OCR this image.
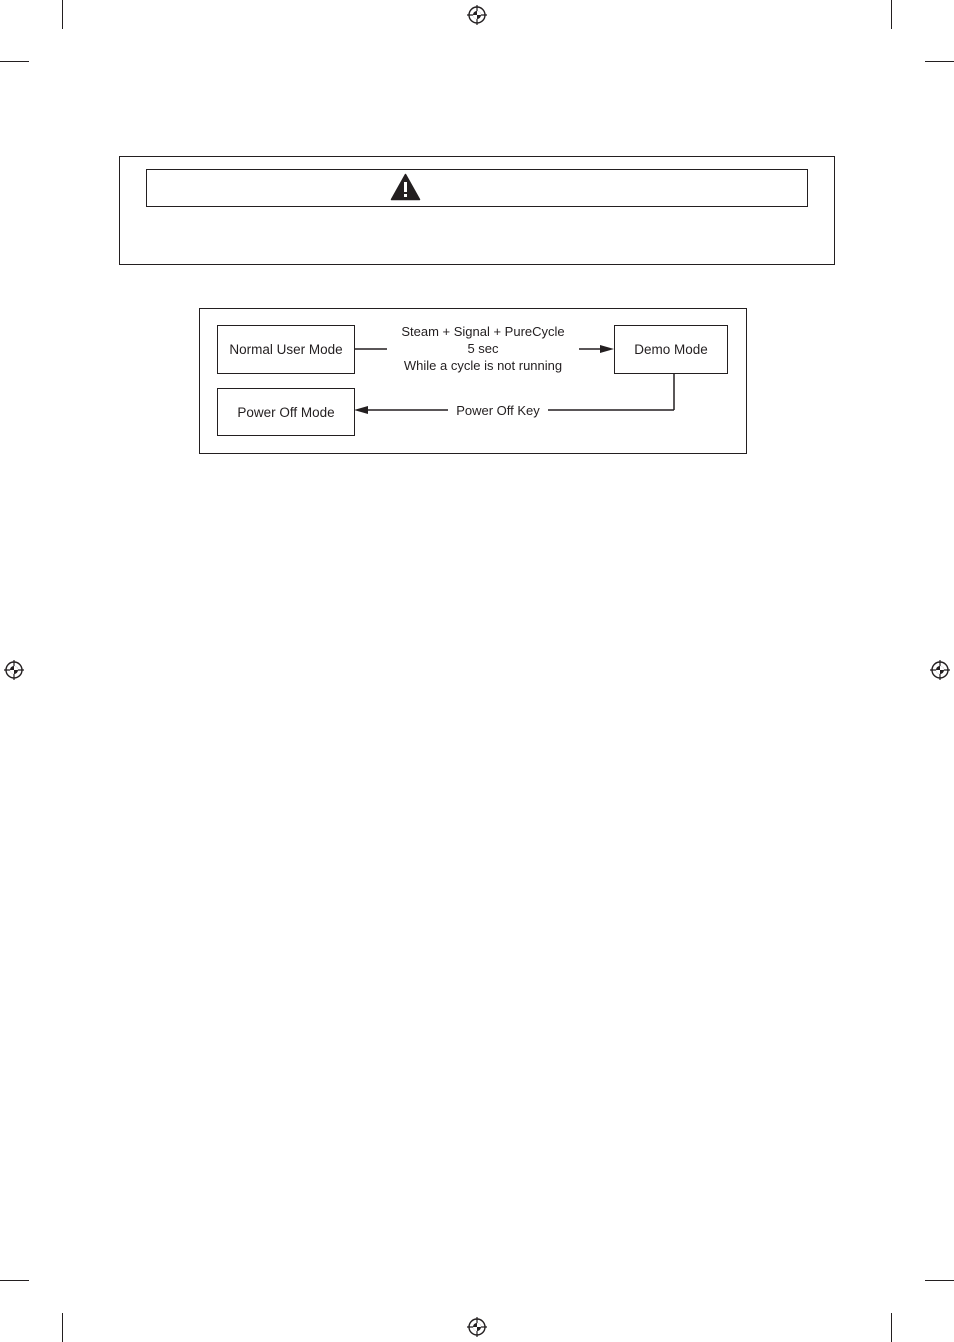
Normal User Mode	Demo Mode
Power Off Mode
Steam + Signal + PureCycle
5 sec
While a cycle is not running
Power Off Key
